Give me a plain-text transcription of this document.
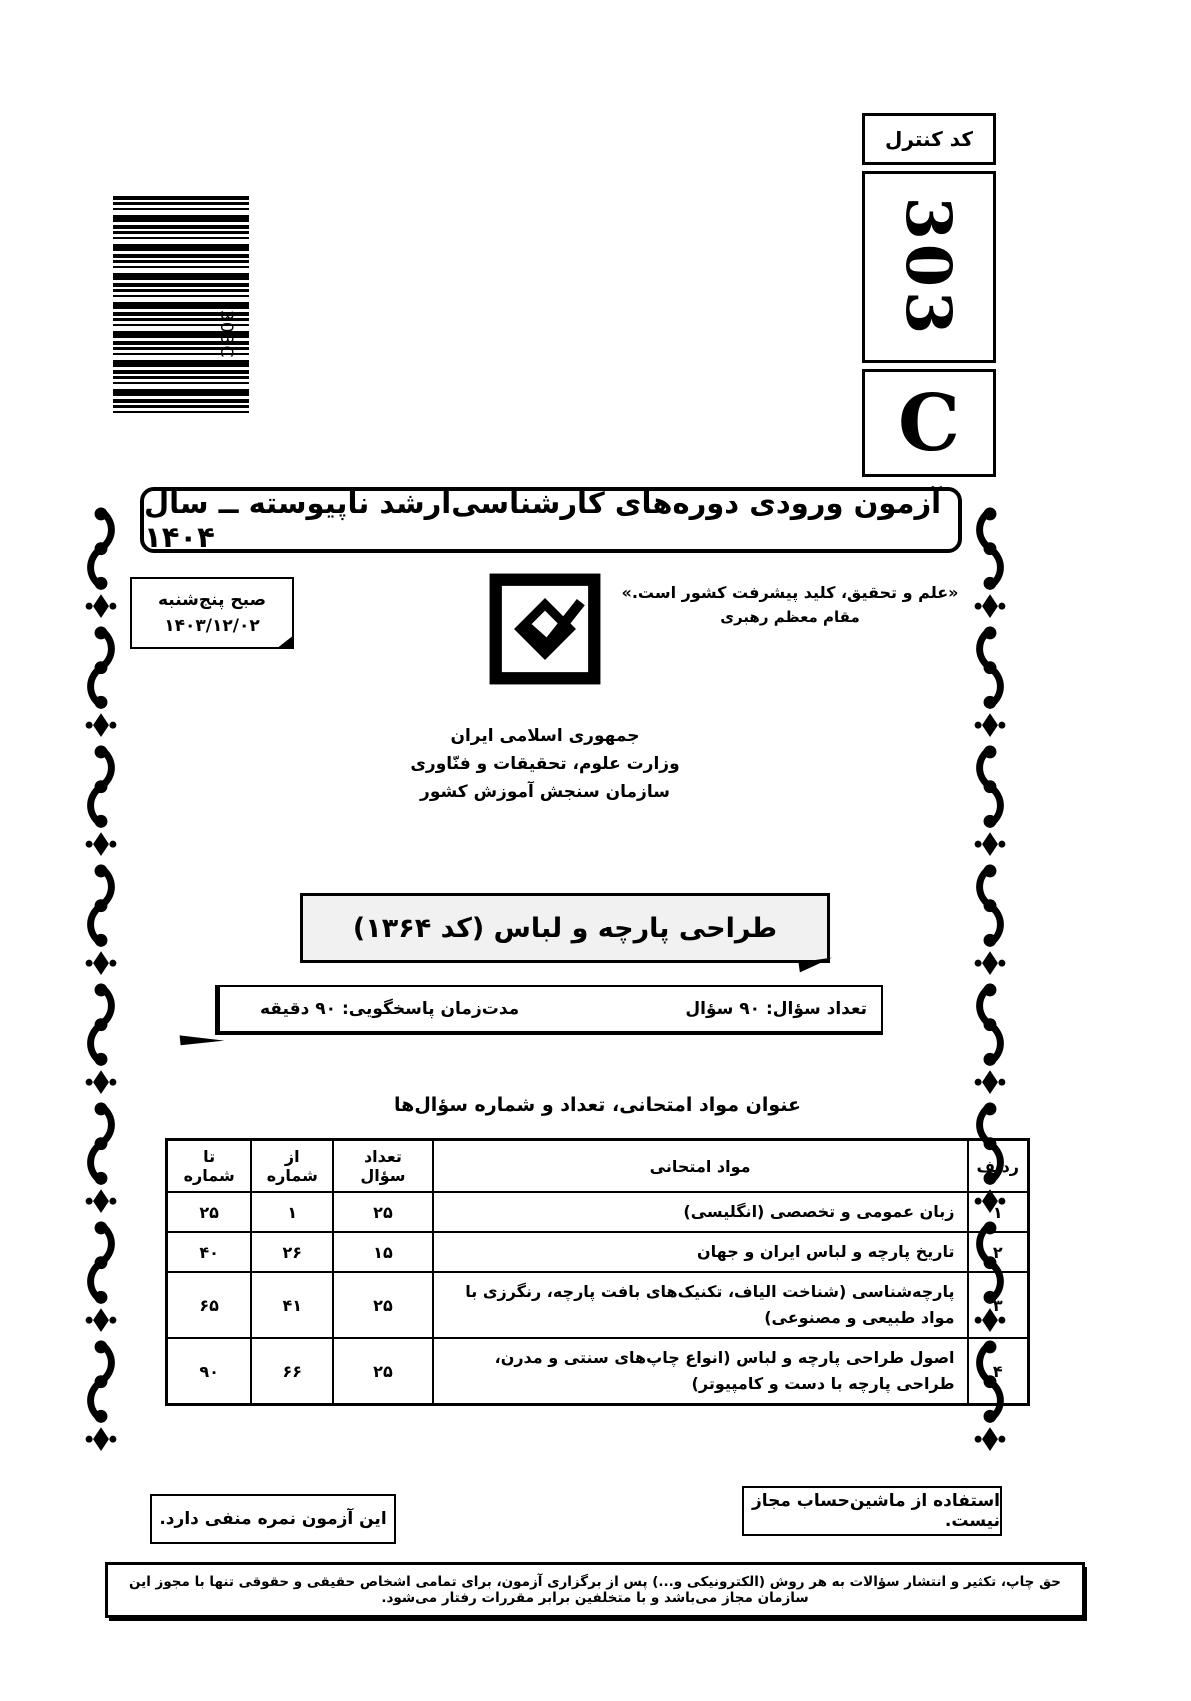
کد کنترل
303
C
303C
آزمون ورودی دوره‌های کارشناسی‌ارشد ناپیوسته ــ سال ۱۴۰۴
صبح پنج‌شنبه
۱۴۰۳/۱۲/۰۲
«علم و تحقیق، کلید پیشرفت کشور است.»
مقام معظم رهبری
جمهوری اسلامی ایران
وزارت علوم، تحقیقات و فنّاوری
سازمان سنجش آموزش کشور
طراحی پارچه و لباس (کد ۱۳۶۴)
تعداد سؤال: ۹۰ سؤال
مدت‌زمان پاسخگویی: ۹۰ دقیقه
عنوان مواد امتحانی، تعداد و شماره سؤال‌ها
ردیف	مواد امتحانی	تعداد سؤال	از شماره	تا شماره
۱	زبان عمومی و تخصصی (انگلیسی)	۲۵	۱	۲۵
۲	تاریخ پارچه و لباس ایران و جهان	۱۵	۲۶	۴۰
۳	پارچه‌شناسی (شناخت الیاف، تکنیک‌های بافت پارچه، رنگرزی با مواد طبیعی و مصنوعی)	۲۵	۴۱	۶۵
۴	اصول طراحی پارچه و لباس (انواع چاپ‌های سنتی و مدرن، طراحی پارچه با دست و کامپیوتر)	۲۵	۶۶	۹۰
این آزمون نمره منفی دارد.
استفاده از ماشین‌حساب مجاز نیست.
حق چاپ، تکثیر و انتشار سؤالات به هر روش (الکترونیکی و...) پس از برگزاری آزمون، برای تمامی اشخاص حقیقی و حقوقی تنها با مجوز این سازمان مجاز می‌باشد و با متخلفین برابر مقررات رفتار می‌شود.
